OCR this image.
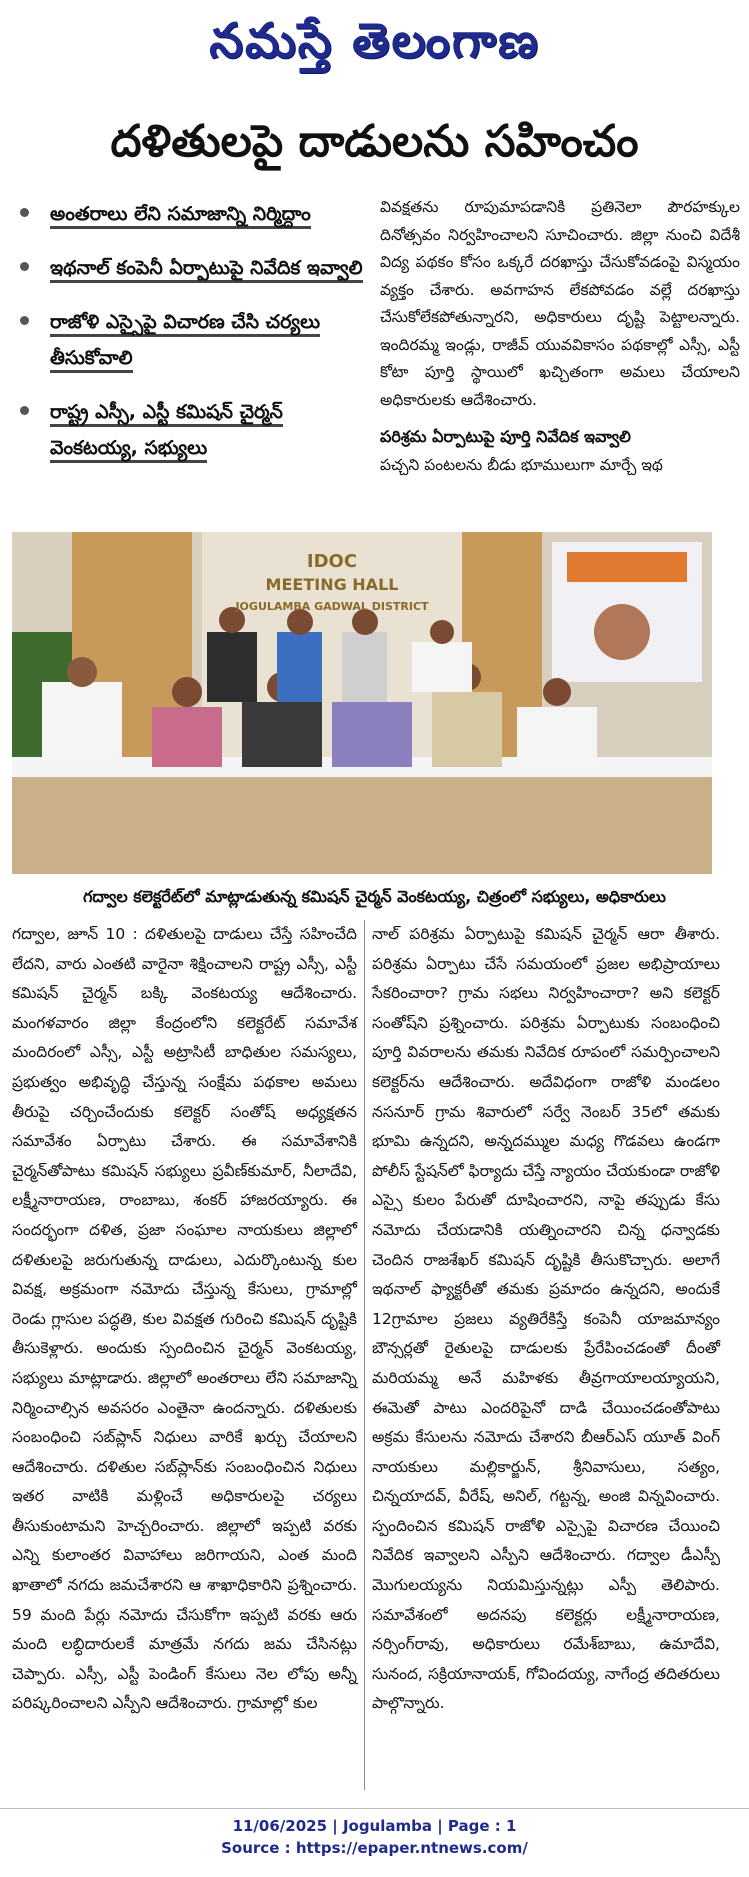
నమస్తే తెలంగాణ
దళితులపై దాడులను సహించం
అంతరాలు లేని సమాజాన్ని నిర్మిద్దాం
ఇథనాల్ కంపెనీ ఏర్పాటుపై నివేదిక ఇవ్వాలి
రాజోళి ఎస్సైపై విచారణ చేసి చర్యలు తీసుకోవాలి
రాష్ట్ర ఎస్సీ, ఎస్టీ కమిషన్ చైర్మన్ వెంకటయ్య, సభ్యులు
వివక్షతను రూపుమాపడానికి ప్రతినెలా పౌరహక్కుల దినోత్సవం నిర్వహించాలని సూచించారు. జిల్లా నుంచి విదేశీ విద్య పథకం కోసం ఒక్కరే దరఖాస్తు చేసుకోవడంపై విస్మయం వ్యక్తం చేశారు. అవగాహన లేకపోవడం వల్లే దరఖాస్తు చేసుకోలేకపోతున్నారని, అధికారులు దృష్టి పెట్టాలన్నారు. ఇందిరమ్మ ఇండ్లు, రాజీవ్ యువవికాసం పథకాల్లో ఎస్సీ, ఎస్టీ కోటా పూర్తి స్థాయిలో ఖచ్చితంగా అమలు చేయాలని అధికారులకు ఆదేశించారు.
పరిశ్రమ ఏర్పాటుపై పూర్తి నివేదిక ఇవ్వాలి
పచ్చని పంటలను బీడు భూములుగా మార్చే ఇథ
IDOC
MEETING HALL
JOGULAMBA GADWAL DISTRICT
గద్వాల కలెక్టరేట్‌లో మాట్లాడుతున్న కమిషన్ చైర్మన్ వెంకటయ్య, చిత్రంలో సభ్యులు, అధికారులు
గద్వాల, జూన్ 10 : దళితులపై దాడులు చేస్తే సహించేది లేదని, వారు ఎంతటి వారైనా శిక్షించాలని రాష్ట్ర ఎస్సీ, ఎస్టీ కమిషన్ చైర్మన్ బక్కి వెంకటయ్య ఆదేశించారు. మంగళవారం జిల్లా కేంద్రంలోని కలెక్టరేట్ సమావేశ మందిరంలో ఎస్సీ, ఎస్టీ అట్రాసిటీ బాధితుల సమస్యలు, ప్రభుత్వం అభివృద్ధి చేస్తున్న సంక్షేమ పథకాల అమలు తీరుపై చర్చించేందుకు కలెక్టర్ సంతోష్ అధ్యక్షతన సమావేశం ఏర్పాటు చేశారు. ఈ సమావేశానికి చైర్మన్‌తోపాటు కమిషన్ సభ్యులు ప్రవీణ్‌కుమార్, నీలాదేవి, లక్ష్మీనారాయణ, రాంబాబు, శంకర్ హాజరయ్యారు. ఈ సందర్భంగా దళిత, ప్రజా సంఘాల నాయకులు జిల్లాలో దళితులపై జరుగుతున్న దాడులు, ఎదుర్కొంటున్న కుల వివక్ష, అక్రమంగా నమోదు చేస్తున్న కేసులు, గ్రామాల్లో రెండు గ్లాసుల పద్ధతి, కుల వివక్షత గురించి కమిషన్ దృష్టికి తీసుకెళ్లారు. అందుకు స్పందించిన చైర్మన్ వెంకటయ్య, సభ్యులు మాట్లాడారు. జిల్లాలో అంతరాలు లేని సమాజాన్ని నిర్మించాల్సిన అవసరం ఎంతైనా ఉందన్నారు. దళితులకు సంబంధించి సబ్‌ప్లాన్ నిధులు వారికే ఖర్చు చేయాలని ఆదేశించారు. దళితుల సబ్‌ప్లాన్‌కు సంబంధించిన నిధులు ఇతర వాటికి మళ్లించే అధికారులపై చర్యలు తీసుకుంటామని హెచ్చరించారు. జిల్లాలో ఇప్పటి వరకు ఎన్ని కులాంతర వివాహాలు జరిగాయని, ఎంత మంది ఖాతాలో నగదు జమచేశారని ఆ శాఖాధికారిని ప్రశ్నించారు. 59 మంది పేర్లు నమోదు చేసుకోగా ఇప్పటి వరకు ఆరు మంది లబ్ధిదారులకే మాత్రమే నగదు జమ చేసినట్లు చెప్పారు. ఎస్సీ, ఎస్టీ పెండింగ్ కేసులు నెల లోపు అన్నీ పరిష్కరించాలని ఎస్పీని ఆదేశించారు. గ్రామాల్లో కుల
నాల్ పరిశ్రమ ఏర్పాటుపై కమిషన్ చైర్మన్ ఆరా తీశారు. పరిశ్రమ ఏర్పాటు చేసే సమయంలో ప్రజల అభిప్రాయాలు సేకరించారా? గ్రామ సభలు నిర్వహించారా? అని కలెక్టర్ సంతోష్‌ని ప్రశ్నించారు. పరిశ్రమ ఏర్పాటుకు సంబంధించి పూర్తి వివరాలను తమకు నివేదిక రూపంలో సమర్పించాలని కలెక్టర్‌ను ఆదేశించారు. అదేవిధంగా రాజోళి మండలం నసనూర్ గ్రామ శివారులో సర్వే నెంబర్ 35లో తమకు భూమి ఉన్నదని, అన్నదమ్ముల మధ్య గొడవలు ఉండగా పోలీస్ స్టేషన్‌లో ఫిర్యాదు చేస్తే న్యాయం చేయకుండా రాజోళి ఎస్సై కులం పేరుతో దూషించారని, నాపై తప్పుడు కేసు నమోదు చేయడానికి యత్నించారని చిన్న ధన్వాడకు చెందిన రాజశేఖర్ కమిషన్ దృష్టికి తీసుకొచ్చారు. అలాగే ఇథనాల్ ఫ్యాక్టరీతో తమకు ప్రమాదం ఉన్నదని, అందుకే 12గ్రామాల ప్రజలు వ్యతిరేకిస్తే కంపెనీ యాజమాన్యం బౌన్సర్లతో రైతులపై దాడులకు ప్రేరేపించడంతో దీంతో మరియమ్మ అనే మహిళకు తీవ్రగాయాలయ్యాయని, ఈమెతో పాటు ఎందరిపైనో దాడి చేయించడంతోపాటు అక్రమ కేసులను నమోదు చేశారని బీఆర్ఎస్ యూత్ వింగ్ నాయకులు మల్లికార్జున్, శ్రీనివాసులు, సత్యం, చిన్నయాదవ్, వీరేష్, అనిల్, గట్టన్న, అంజి విన్నవించారు. స్పందించిన కమిషన్ రాజోళి ఎస్సైపై విచారణ చేయించి నివేదిక ఇవ్వాలని ఎస్పీని ఆదేశించారు. గద్వాల డీఎస్పీ మొగులయ్యను నియమిస్తున్నట్లు ఎస్పీ తెలిపారు. సమావేశంలో అదనపు కలెక్టర్లు లక్ష్మీనారాయణ, నర్సింగ్‌రావు, అధికారులు రమేశ్‌బాబు, ఉమాదేవి, సునంద, సక్రియానాయక్, గోవిందయ్య, నాగేంద్ర తదితరులు పాల్గొన్నారు.
11/06/2025 | Jogulamba | Page : 1
Source : https://epaper.ntnews.com/
